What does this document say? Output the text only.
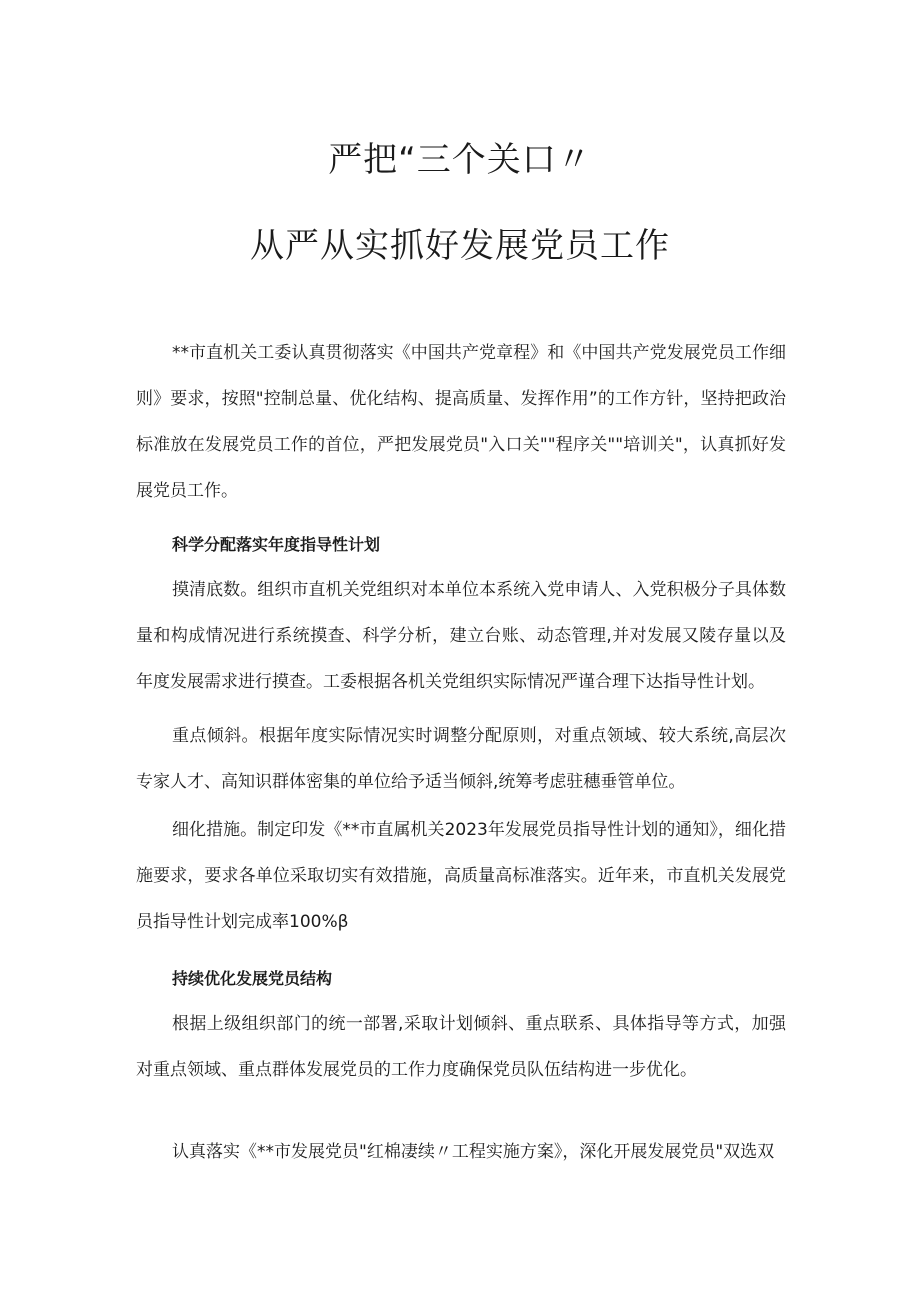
严把“三个关口〃
从严从实抓好发展党员工作

**市直机关工委认真贯彻落实《中国共产党章程》和《中国共产党发展党员工作细则》要求，按照"控制总量、优化结构、提高质量、发挥作用”的工作方针，坚持把政治标准放在发展党员工作的首位，严把发展党员"入口关""程序关""培训关"，认真抓好发展党员工作。

科学分配落实年度指导性计划

摸清底数。组织市直机关党组织对本单位本系统入党申请人、入党积极分子具体数量和构成情况进行系统摸查、科学分析，建立台账、动态管理,并对发展又陵存量以及年度发展需求进行摸查。工委根据各机关党组织实际情况严谨合理下达指导性计划。

重点倾斜。根据年度实际情况实时调整分配原则，对重点领域、较大系统,高层次专家人才、高知识群体密集的单位给予适当倾斜,统筹考虑驻穗垂管单位。

细化措施。制定印发《**市直属机关2023年发展党员指导性计划的通知》，细化措施要求，要求各单位采取切实有效措施，高质量高标准落实。近年来，市直机关发展党员指导性计划完成率100%β

持续优化发展党员结构

根据上级组织部门的统一部署,采取计划倾斜、重点联系、具体指导等方式，加强对重点领域、重点群体发展党员的工作力度确保党员队伍结构进一步优化。

认真落实《**市发展党员"红棉凄续〃工程实施方案》，深化开展发展党员"双选双
